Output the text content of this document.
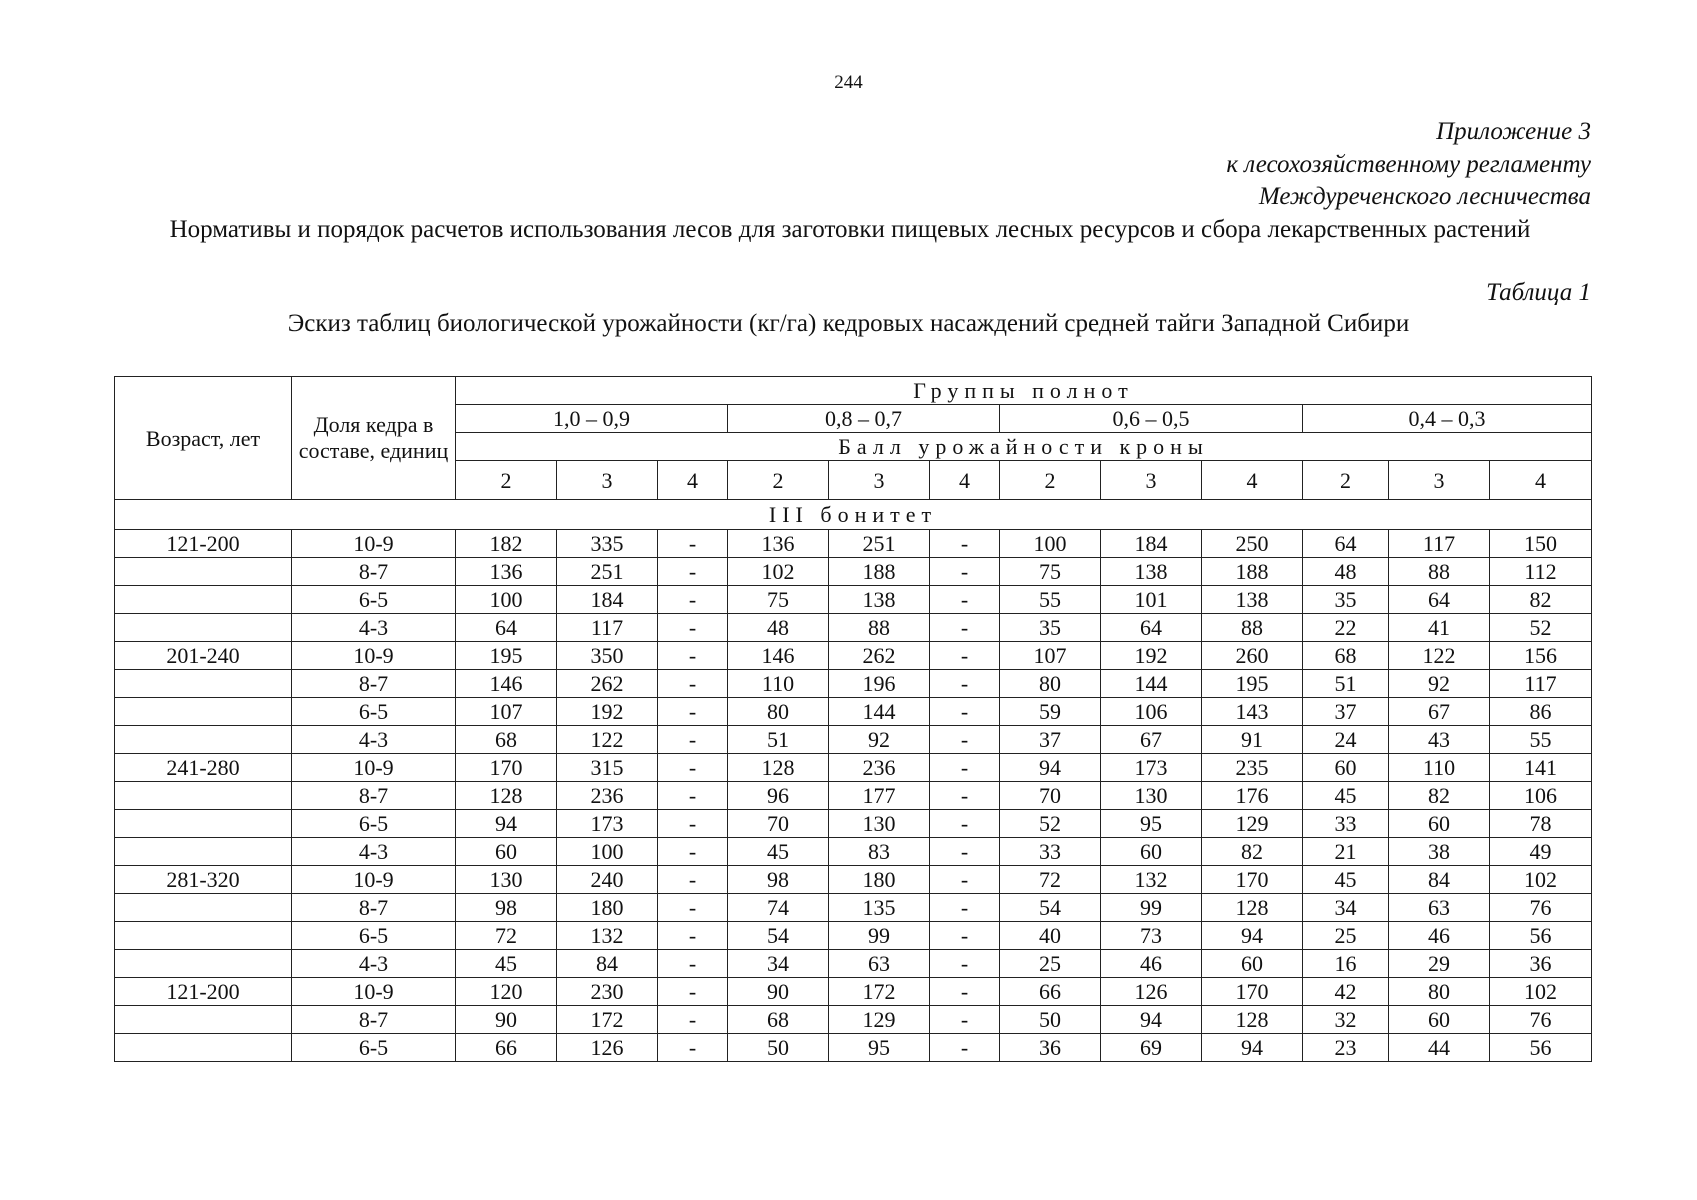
244
Приложение 3
к лесохозяйственному регламенту
Междуреченского лесничества
Нормативы и порядок расчетов использования лесов для заготовки пищевых лесных ресурсов и сбора лекарственных растений
Таблица 1
Эскиз таблиц биологической урожайности (кг/га) кедровых насаждений средней тайги Западной Сибири
Возраст, лет	Доля кедра в составе, единиц	Группы полнот											
		1,0 – 0,9			0,8 – 0,7			0,6 – 0,5			0,4 – 0,3		
		Балл урожайности кроны											
		2	3	4	2	3	4	2	3	4	2	3	4
III бонитет													
121-200	10-9	182	335	-	136	251	-	100	184	250	64	117	150
	8-7	136	251	-	102	188	-	75	138	188	48	88	112
	6-5	100	184	-	75	138	-	55	101	138	35	64	82
	4-3	64	117	-	48	88	-	35	64	88	22	41	52
201-240	10-9	195	350	-	146	262	-	107	192	260	68	122	156
	8-7	146	262	-	110	196	-	80	144	195	51	92	117
	6-5	107	192	-	80	144	-	59	106	143	37	67	86
	4-3	68	122	-	51	92	-	37	67	91	24	43	55
241-280	10-9	170	315	-	128	236	-	94	173	235	60	110	141
	8-7	128	236	-	96	177	-	70	130	176	45	82	106
	6-5	94	173	-	70	130	-	52	95	129	33	60	78
	4-3	60	100	-	45	83	-	33	60	82	21	38	49
281-320	10-9	130	240	-	98	180	-	72	132	170	45	84	102
	8-7	98	180	-	74	135	-	54	99	128	34	63	76
	6-5	72	132	-	54	99	-	40	73	94	25	46	56
	4-3	45	84	-	34	63	-	25	46	60	16	29	36
121-200	10-9	120	230	-	90	172	-	66	126	170	42	80	102
	8-7	90	172	-	68	129	-	50	94	128	32	60	76
	6-5	66	126	-	50	95	-	36	69	94	23	44	56
